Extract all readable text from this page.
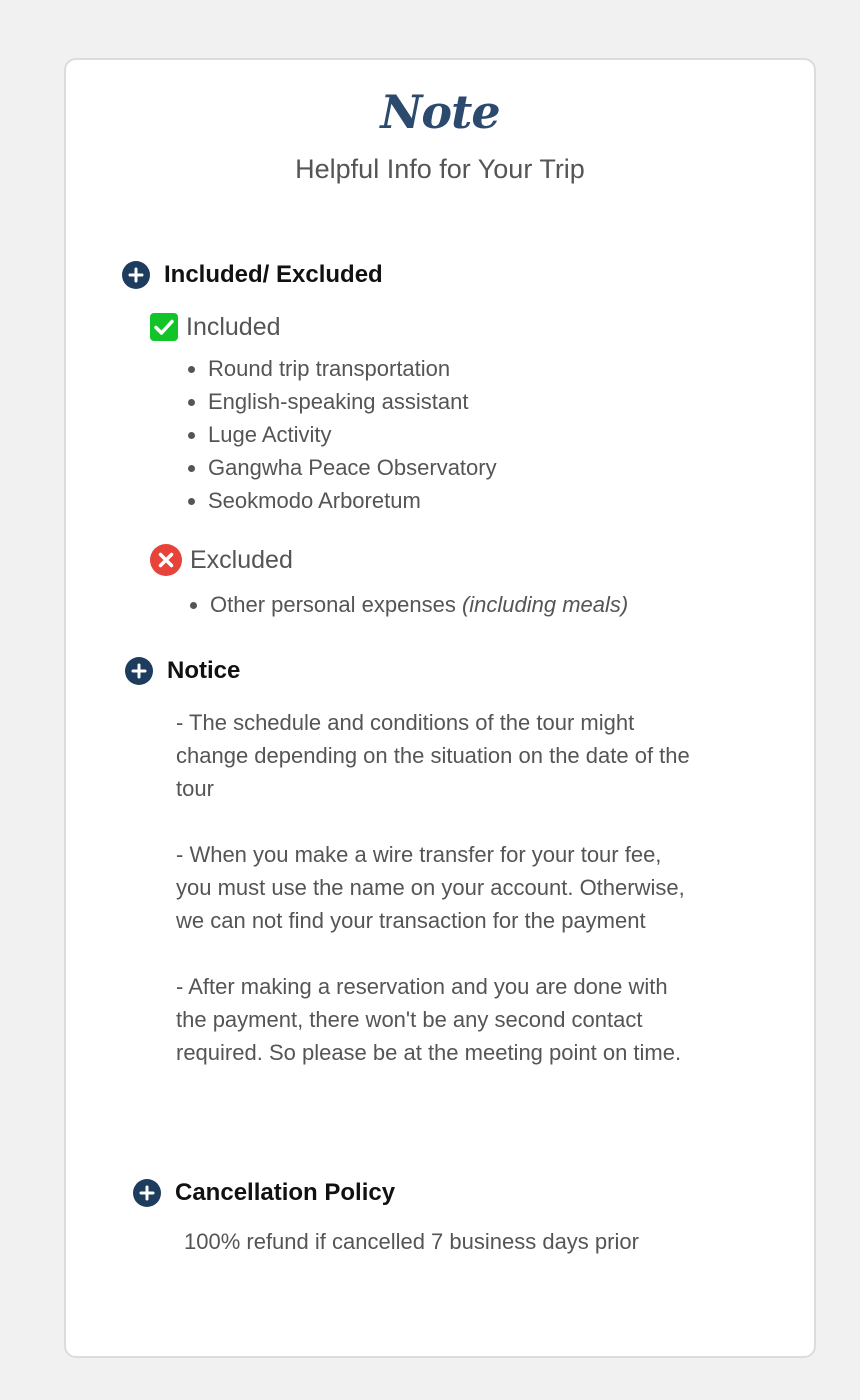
Note
Helpful Info for Your Trip
Included/ Excluded
Included
Round trip transportation
English-speaking assistant
Luge Activity
Gangwha Peace Observatory
Seokmodo Arboretum
Excluded
Other personal expenses (including meals)
Notice

- The schedule and conditions of the tour might change depending on the situation on the date of the tour

- When you make a wire transfer for your tour fee, you must use the name on your account. Otherwise, we can not find your transaction for the payment

- After making a reservation and you are done with the payment, there won't be any second contact required. So please be at the meeting point on time.

Cancellation Policy
100% refund if cancelled 7 business days prior
